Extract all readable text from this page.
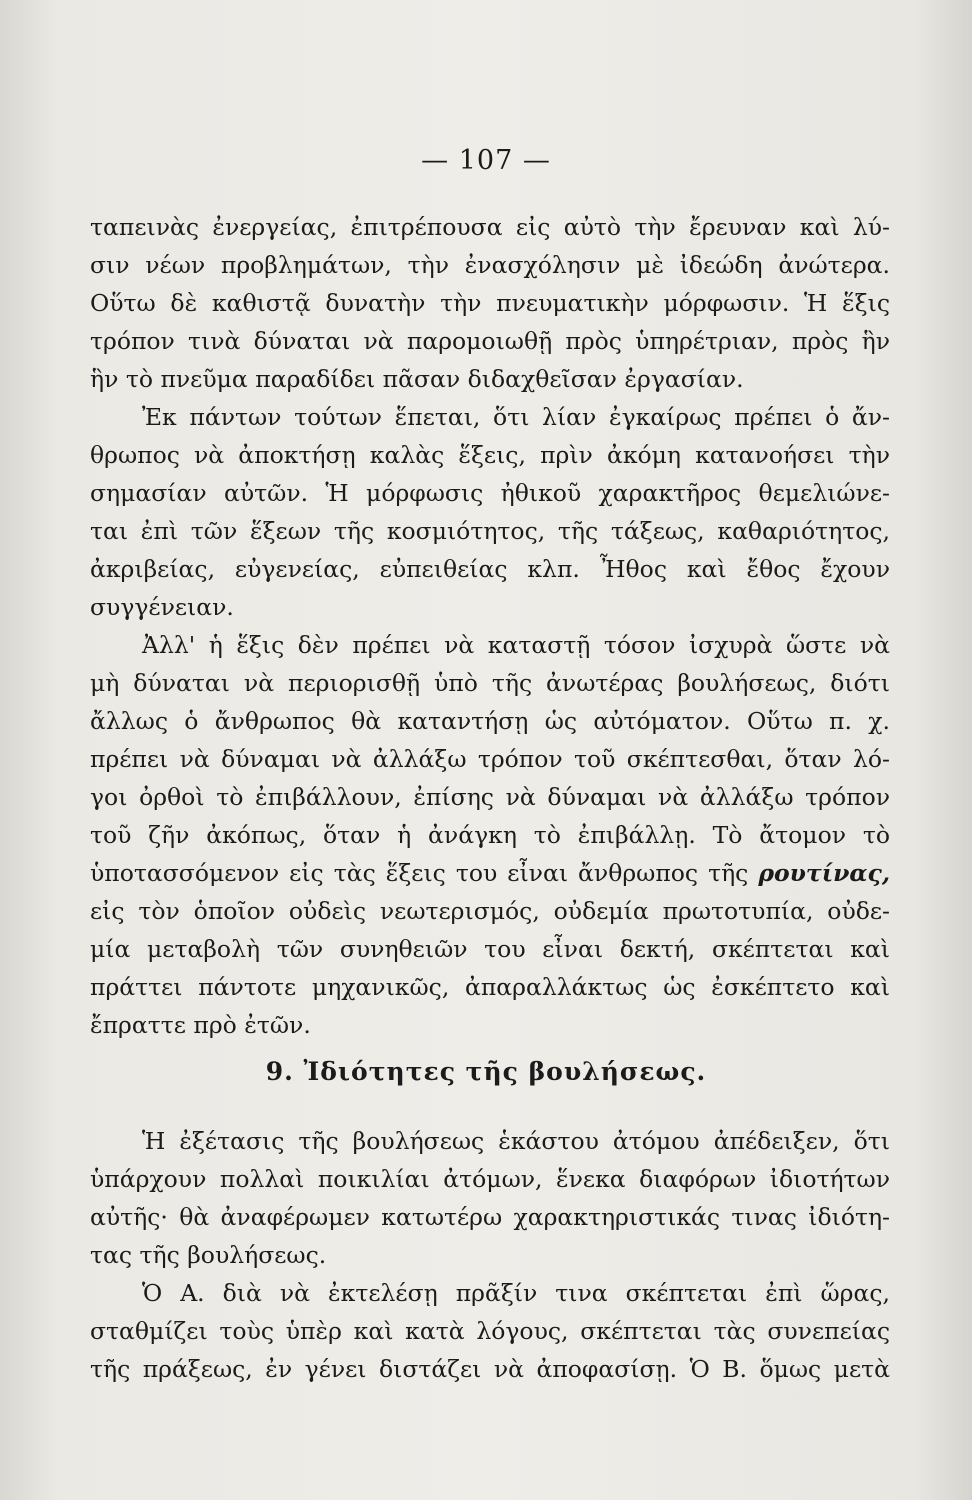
— 107 —
ταπεινὰς ἐνεργείας, ἐπιτρέπουσα εἰς αὐτὸ τὴν ἔρευναν καὶ λύ-
σιν νέων προβλημάτων, τὴν ἐνασχόλησιν μὲ ἰδεώδη ἀνώτερα.
Οὕτω δὲ καθιστᾷ δυνατὴν τὴν πνευματικὴν μόρφωσιν. Ἡ ἕξις
τρόπον τινὰ δύναται νὰ παρομοιωθῇ πρὸς ὑπηρέτριαν, πρὸς ἣν
ἣν τὸ πνεῦμα παραδίδει πᾶσαν διδαχθεῖσαν ἐργασίαν.
Ἐκ πάντων τούτων ἕπεται, ὅτι λίαν ἐγκαίρως πρέπει ὁ ἄν-
θρωπος νὰ ἀποκτήσῃ καλὰς ἕξεις, πρὶν ἀκόμη κατανοήσει τὴν
σημασίαν αὐτῶν. Ἡ μόρφωσις ἠθικοῦ χαρακτῆρος θεμελιώνε-
ται ἐπὶ τῶν ἕξεων τῆς κοσμιότητος, τῆς τάξεως, καθαριότητος,
ἀκριβείας, εὐγενείας, εὐπειθείας κλπ. Ἦθος καὶ ἔθος ἔχουν
συγγένειαν.
Ἀλλ' ἡ ἕξις δὲν πρέπει νὰ καταστῇ τόσον ἰσχυρὰ ὥστε νὰ
μὴ δύναται νὰ περιορισθῇ ὑπὸ τῆς ἀνωτέρας βουλήσεως, διότι
ἄλλως ὁ ἄνθρωπος θὰ καταντήσῃ ὡς αὐτόματον. Οὕτω π. χ.
πρέπει νὰ δύναμαι νὰ ἀλλάξω τρόπον τοῦ σκέπτεσθαι, ὅταν λό-
γοι ὀρθοὶ τὸ ἐπιβάλλουν, ἐπίσης νὰ δύναμαι νὰ ἀλλάξω τρόπον
τοῦ ζῆν ἀκόπως, ὅταν ἡ ἀνάγκη τὸ ἐπιβάλλῃ. Τὸ ἄτομον τὸ
ὑποτασσόμενον εἰς τὰς ἕξεις του εἶναι ἄνθρωπος τῆς ρουτίνας,
εἰς τὸν ὁποῖον οὐδεὶς νεωτερισμός, οὐδεμία πρωτοτυπία, οὐδε-
μία μεταβολὴ τῶν συνηθειῶν του εἶναι δεκτή, σκέπτεται καὶ
πράττει πάντοτε μηχανικῶς, ἀπαραλλάκτως ὡς ἐσκέπτετο καὶ
ἔπραττε πρὸ ἐτῶν.
9. Ἰδιότητες τῆς βουλήσεως.
Ἡ ἐξέτασις τῆς βουλήσεως ἑκάστου ἀτόμου ἀπέδειξεν, ὅτι
ὑπάρχουν πολλαὶ ποικιλίαι ἀτόμων, ἕνεκα διαφόρων ἰδιοτήτων
αὐτῆς· θὰ ἀναφέρωμεν κατωτέρω χαρακτηριστικάς τινας ἰδιότη-
τας τῆς βουλήσεως.
Ὁ Α. διὰ νὰ ἐκτελέσῃ πρᾶξίν τινα σκέπτεται ἐπὶ ὥρας,
σταθμίζει τοὺς ὑπὲρ καὶ κατὰ λόγους, σκέπτεται τὰς συνεπείας
τῆς πράξεως, ἐν γένει διστάζει νὰ ἀποφασίσῃ. Ὁ Β. ὅμως μετὰ
